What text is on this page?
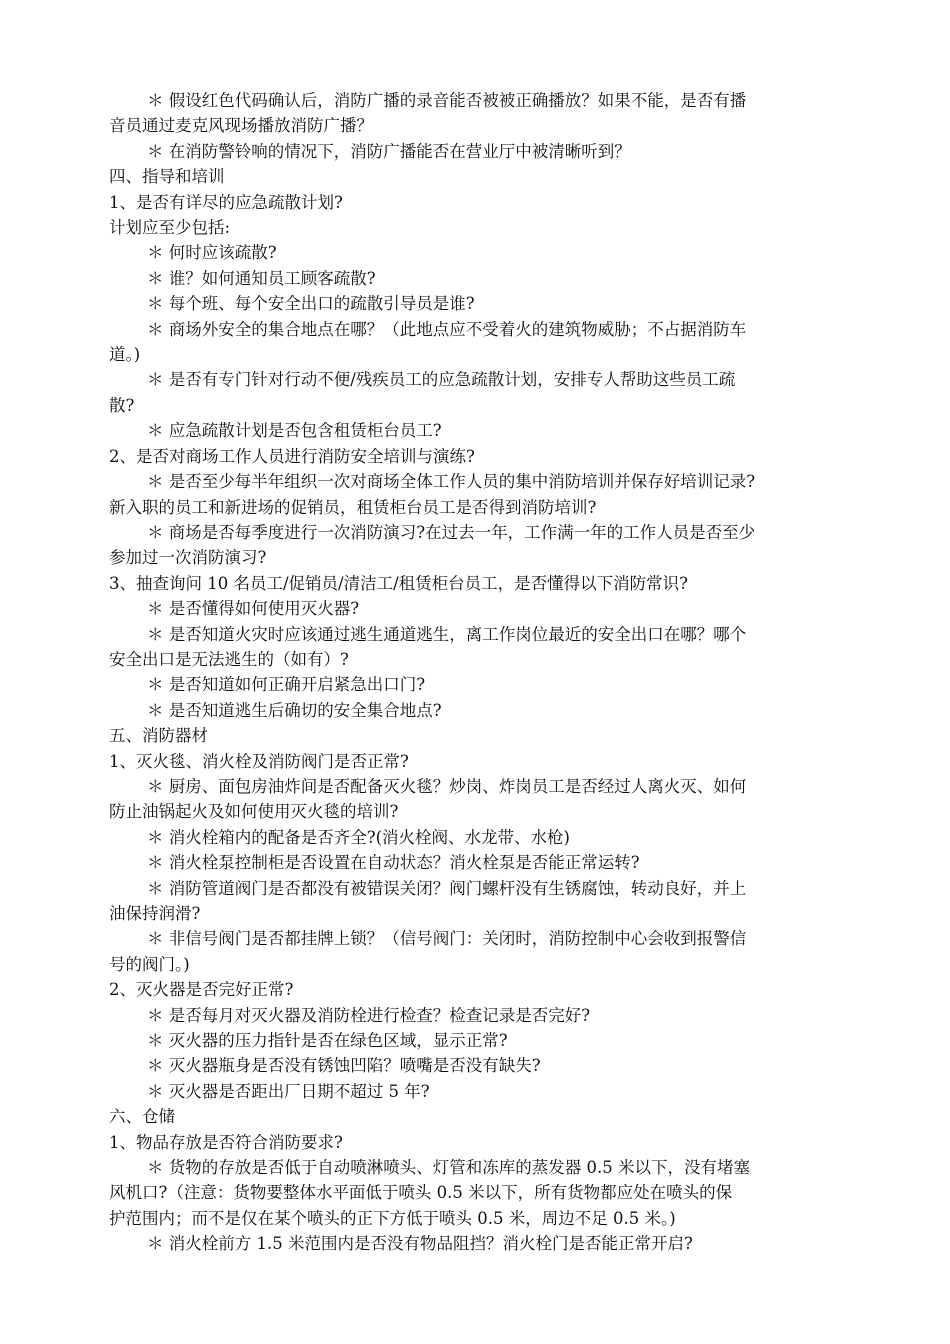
＊ 假设红色代码确认后，消防广播的录音能否被被正确播放？如果不能，是否有播
音员通过麦克风现场播放消防广播？
＊ 在消防警铃响的情况下，消防广播能否在营业厅中被清晰听到？
四、指导和培训
1、是否有详尽的应急疏散计划?
计划应至少包括:
＊ 何时应该疏散?
＊ 谁？如何通知员工顾客疏散?
＊ 每个班、每个安全出口的疏散引导员是谁?
＊ 商场外安全的集合地点在哪？（此地点应不受着火的建筑物威胁；不占据消防车
道。)
＊ 是否有专门针对行动不便/残疾员工的应急疏散计划，安排专人帮助这些员工疏
散?
＊ 应急疏散计划是否包含租赁柜台员工?
2、是否对商场工作人员进行消防安全培训与演练?
＊ 是否至少每半年组织一次对商场全体工作人员的集中消防培训并保存好培训记录?
新入职的员工和新进场的促销员，租赁柜台员工是否得到消防培训?
＊ 商场是否每季度进行一次消防演习?在过去一年，工作满一年的工作人员是否至少
参加过一次消防演习?
3、抽查询问 10 名员工/促销员/清洁工/租赁柜台员工，是否懂得以下消防常识?
＊ 是否懂得如何使用灭火器?
＊ 是否知道火灾时应该通过逃生通道逃生，离工作岗位最近的安全出口在哪？哪个
安全出口是无法逃生的（如有）?
＊ 是否知道如何正确开启紧急出口门?
＊ 是否知道逃生后确切的安全集合地点?
五、消防器材
1、灭火毯、消火栓及消防阀门是否正常?
＊ 厨房、面包房油炸间是否配备灭火毯？炒岗、炸岗员工是否经过人离火灭、如何
防止油锅起火及如何使用灭火毯的培训?
＊ 消火栓箱内的配备是否齐全?(消火栓阀、水龙带、水枪)
＊ 消火栓泵控制柜是否设置在自动状态？消火栓泵是否能正常运转?
＊ 消防管道阀门是否都没有被错误关闭？阀门螺杆没有生锈腐蚀，转动良好，并上
油保持润滑?
＊ 非信号阀门是否都挂牌上锁？（信号阀门：关闭时，消防控制中心会收到报警信
号的阀门。)
2、灭火器是否完好正常?
＊ 是否每月对灭火器及消防栓进行检查？检查记录是否完好?
＊ 灭火器的压力指针是否在绿色区域，显示正常?
＊ 灭火器瓶身是否没有锈蚀凹陷？喷嘴是否没有缺失?
＊ 灭火器是否距出厂日期不超过 5 年?
六、仓储
1、物品存放是否符合消防要求?
＊ 货物的存放是否低于自动喷淋喷头、灯管和冻库的蒸发器 0.5 米以下，没有堵塞
风机口?（注意：货物要整体水平面低于喷头 0.5 米以下，所有货物都应处在喷头的保
护范围内；而不是仅在某个喷头的正下方低于喷头 0.5 米，周边不足 0.5 米。)
＊ 消火栓前方 1.5 米范围内是否没有物品阻挡？消火栓门是否能正常开启?
